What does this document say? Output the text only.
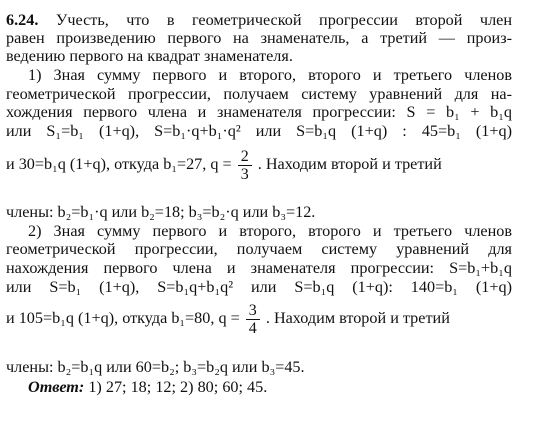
6.24. Учесть, что в геометрической прогрессии второй член
равен произведению первого на знаменатель, а третий — произ-
ведению первого на квадрат знаменателя.
1) Зная сумму первого и второго, второго и третьего членов
геометрической прогрессии, получаем систему уравнений для на-
хождения первого члена и знаменателя прогрессии: S = b₁ + b₁q
или S₁=b₁ (1+q), S=b₁·q+b₁·q² или S=b₁q (1+q) : 45=b₁ (1+q)
и 30=b₁q (1+q), откуда b₁=27, $q = \frac{2}{3}$ . Находим второй и третий
члены: b₂=b₁·q или b₂=18; b₃=b₂·q или b₃=12.
2) Зная сумму первого и второго, второго и третьего членов
геометрической прогрессии, получаем систему уравнений для
нахождения первого члена и знаменателя прогрессии: S=b₁+b₁q
или S=b₁ (1+q), S=b₁q+b₁q² или S=b₁q (1+q): 140=b₁ (1+q)
и 105=b₁q (1+q), откуда b₁=80, $q = \frac{3}{4}$ . Находим второй и третий
члены: b₂=b₁q или 60=b₂; b₃=b₂q или b₃=45.
Ответ: 1) 27; 18; 12; 2) 80; 60; 45.
